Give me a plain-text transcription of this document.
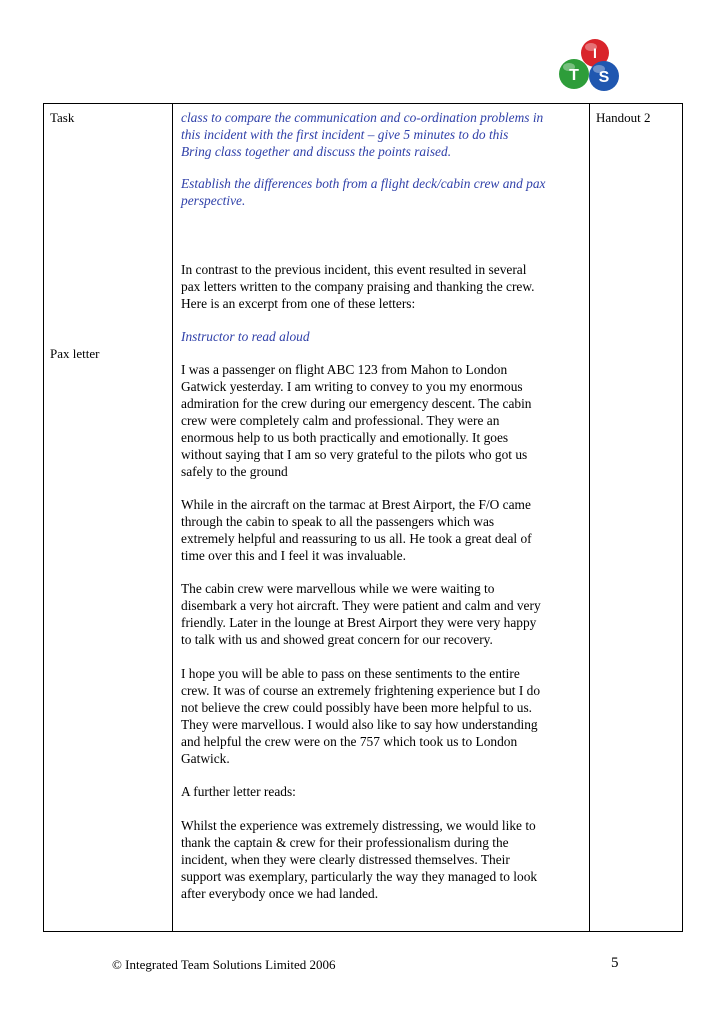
I
T S
Task
Pax letter
class to compare the communication and co-ordination problems in
this incident with the first incident – give 5 minutes to do this
Bring class together and discuss the points raised.
Establish the differences both from a flight deck/cabin crew and pax
perspective.
In contrast to the previous incident, this event resulted in several
pax letters written to the company praising and thanking the crew.
Here is an excerpt from one of these letters:
Instructor to read aloud
I was a passenger on flight ABC 123 from Mahon to London
Gatwick yesterday. I am writing to convey to you my enormous
admiration for the crew during our emergency descent. The cabin
crew were completely calm and professional. They were an
enormous help to us both practically and emotionally. It goes
without saying that I am so very grateful to the pilots who got us
safely to the ground
While in the aircraft on the tarmac at Brest Airport, the F/O came
through the cabin to speak to all the passengers which was
extremely helpful and reassuring to us all. He took a great deal of
time over this and I feel it was invaluable.
The cabin crew were marvellous while we were waiting to
disembark a very hot aircraft. They were patient and calm and very
friendly. Later in the lounge at Brest Airport they were very happy
to talk with us and showed great concern for our recovery.
I hope you will be able to pass on these sentiments to the entire
crew. It was of course an extremely frightening experience but I do
not believe the crew could possibly have been more helpful to us.
They were marvellous. I would also like to say how understanding
and helpful the crew were on the 757 which took us to London
Gatwick.
A further letter reads:
Whilst the experience was extremely distressing, we would like to
thank the captain & crew for their professionalism during the
incident, when they were clearly distressed themselves. Their
support was exemplary, particularly the way they managed to look
after everybody once we had landed.
Handout 2
© Integrated Team Solutions Limited 2006	5
